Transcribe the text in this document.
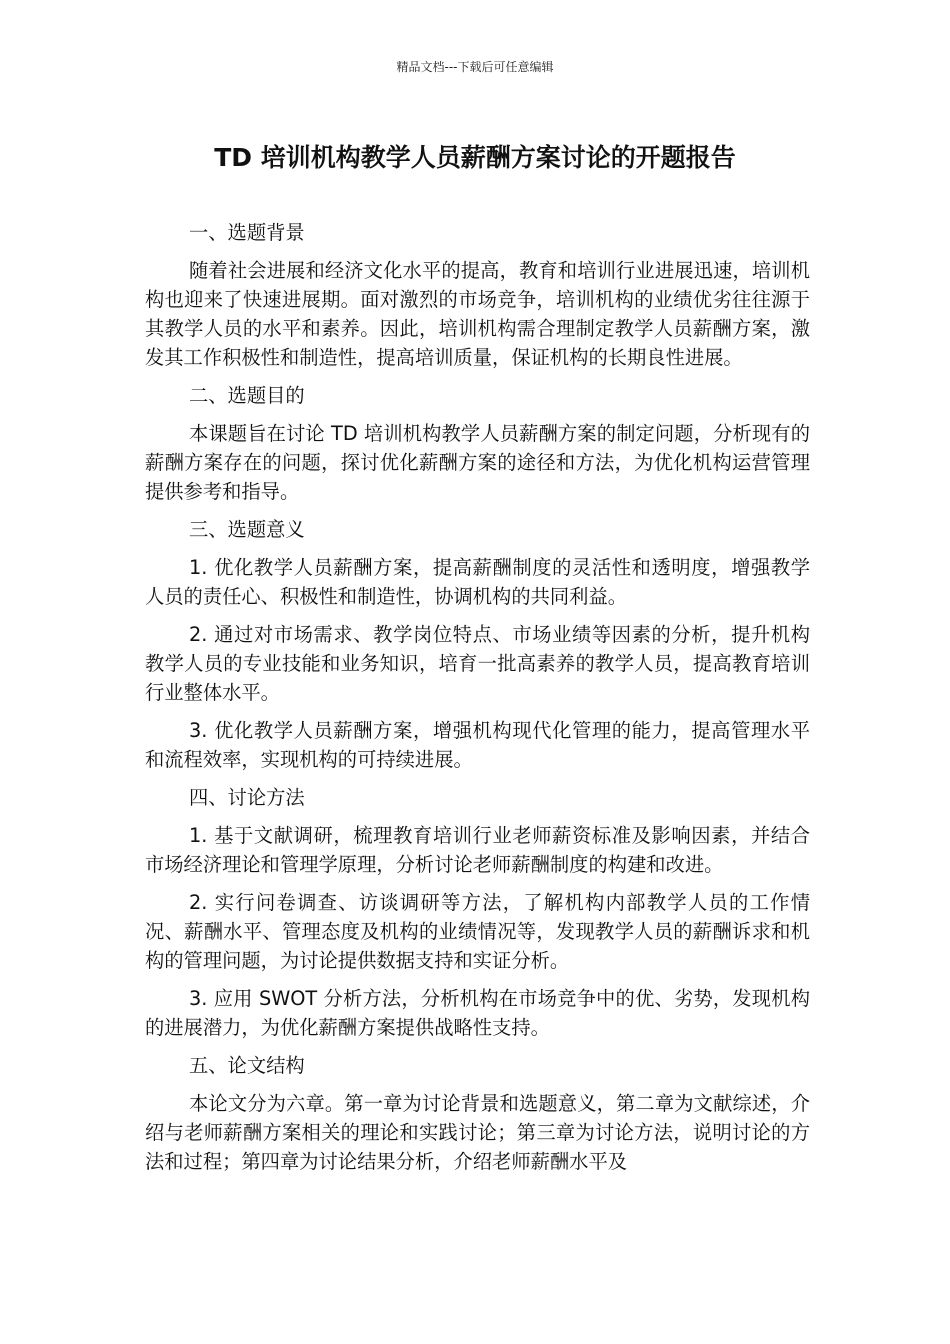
精品文档---下载后可任意编辑
TD 培训机构教学人员薪酬方案讨论的开题报告

一、选题背景

随着社会进展和经济文化水平的提高，教育和培训行业进展迅速，培训机构也迎来了快速进展期。面对激烈的市场竞争，培训机构的业绩优劣往往源于其教学人员的水平和素养。因此，培训机构需合理制定教学人员薪酬方案，激发其工作积极性和制造性，提高培训质量，保证机构的长期良性进展。

二、选题目的

本课题旨在讨论 TD 培训机构教学人员薪酬方案的制定问题，分析现有的薪酬方案存在的问题，探讨优化薪酬方案的途径和方法，为优化机构运营管理提供参考和指导。

三、选题意义

1. 优化教学人员薪酬方案，提高薪酬制度的灵活性和透明度，增强教学人员的责任心、积极性和制造性，协调机构的共同利益。

2. 通过对市场需求、教学岗位特点、市场业绩等因素的分析，提升机构教学人员的专业技能和业务知识，培育一批高素养的教学人员，提高教育培训行业整体水平。

3. 优化教学人员薪酬方案，增强机构现代化管理的能力，提高管理水平和流程效率，实现机构的可持续进展。

四、讨论方法

1. 基于文献调研，梳理教育培训行业老师薪资标准及影响因素，并结合市场经济理论和管理学原理，分析讨论老师薪酬制度的构建和改进。

2. 实行问卷调查、访谈调研等方法，了解机构内部教学人员的工作情况、薪酬水平、管理态度及机构的业绩情况等，发现教学人员的薪酬诉求和机构的管理问题，为讨论提供数据支持和实证分析。

3. 应用 SWOT 分析方法，分析机构在市场竞争中的优、劣势，发现机构的进展潜力，为优化薪酬方案提供战略性支持。

五、论文结构

本论文分为六章。第一章为讨论背景和选题意义，第二章为文献综述，介绍与老师薪酬方案相关的理论和实践讨论；第三章为讨论方法，说明讨论的方法和过程；第四章为讨论结果分析，介绍老师薪酬水平及
